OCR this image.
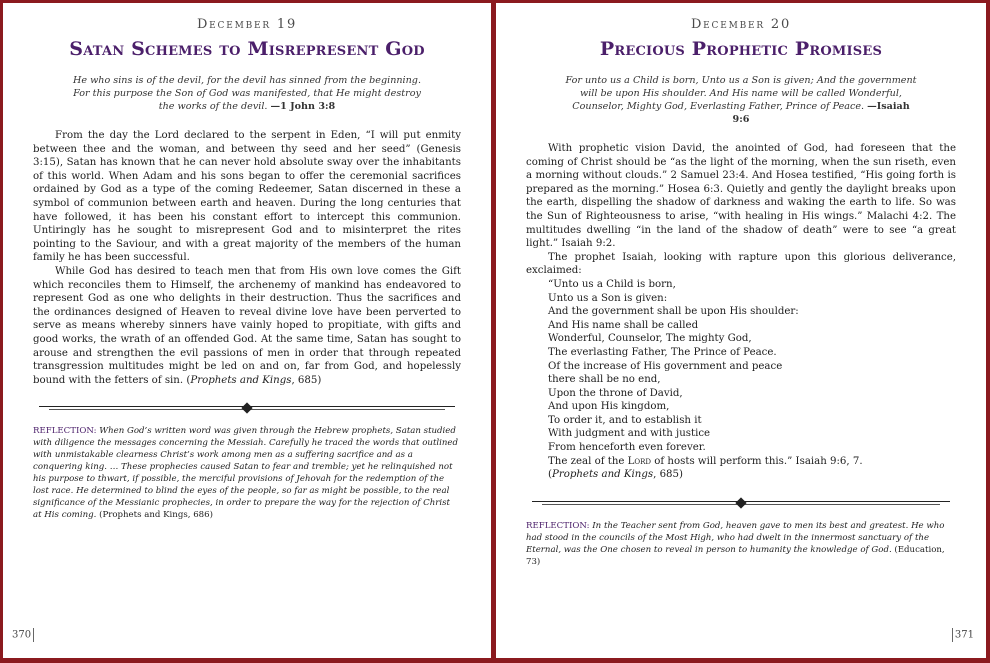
December 19
Satan Schemes to Misrepresent God
He who sins is of the devil, for the devil has sinned from the beginning. For this purpose the Son of God was manifested, that He might destroy the works of the devil. —1 John 3:8

From the day the Lord declared to the serpent in Eden, “I will put enmity between thee and the woman, and between thy seed and her seed” (Genesis 3:15), Satan has known that he can never hold absolute sway over the inhabitants of this world. When Adam and his sons began to offer the ceremonial sacrifices ordained by God as a type of the coming Redeemer, Satan discerned in these a symbol of communion between earth and heaven. During the long centuries that have followed, it has been his constant effort to intercept this communion. Untiringly has he sought to misrepresent God and to misinterpret the rites pointing to the Saviour, and with a great majority of the members of the human family he has been successful.

While God has desired to teach men that from His own love comes the Gift which reconciles them to Himself, the archenemy of mankind has endeavored to represent God as one who delights in their destruction. Thus the sacrifices and the ordinances designed of Heaven to reveal divine love have been perverted to serve as means whereby sinners have vainly hoped to propitiate, with gifts and good works, the wrath of an offended God. At the same time, Satan has sought to arouse and strengthen the evil passions of men in order that through repeated transgression multitudes might be led on and on, far from God, and hopelessly bound with the fetters of sin. (Prophets and Kings, 685)

REFLECTION: When God’s written word was given through the Hebrew prophets, Satan studied with diligence the messages concerning the Messiah. Carefully he traced the words that outlined with unmistakable clearness Christ’s work among men as a suffering sacrifice and as a conquering king. … These prophecies caused Satan to fear and tremble; yet he relinquished not his purpose to thwart, if possible, the merciful provisions of Jehovah for the redemption of the lost race. He determined to blind the eyes of the people, so far as might be possible, to the real significance of the Messianic prophecies, in order to prepare the way for the rejection of Christ at His coming. (Prophets and Kings, 686)
370
December 20
Precious Prophetic Promises
For unto us a Child is born, Unto us a Son is given; And the government will be upon His shoulder. And His name will be called Wonderful, Counselor, Mighty God, Everlasting Father, Prince of Peace. —Isaiah 9:6

With prophetic vision David, the anointed of God, had foreseen that the coming of Christ should be “as the light of the morning, when the sun riseth, even a morning without clouds.” 2 Samuel 23:4. And Hosea testified, “His going forth is prepared as the morning.” Hosea 6:3. Quietly and gently the daylight breaks upon the earth, dispelling the shadow of darkness and waking the earth to life. So was the Sun of Righteousness to arise, “with healing in His wings.” Malachi 4:2. The multitudes dwelling “in the land of the shadow of death” were to see “a great light.” Isaiah 9:2.

The prophet Isaiah, looking with rapture upon this glorious deliverance, exclaimed:

“Unto us a Child is born,
Unto us a Son is given:
And the government shall be upon His shoulder:
And His name shall be called
Wonderful, Counselor, The mighty God,
The everlasting Father, The Prince of Peace.
Of the increase of His government and peace
there shall be no end,
Upon the throne of David,
And upon His kingdom,
To order it, and to establish it
With judgment and with justice
From henceforth even forever.
The zeal of the Lord of hosts will perform this.” Isaiah 9:6, 7.
(Prophets and Kings, 685)
REFLECTION: In the Teacher sent from God, heaven gave to men its best and greatest. He who had stood in the councils of the Most High, who had dwelt in the innermost sanctuary of the Eternal, was the One chosen to reveal in person to humanity the knowledge of God. (Education, 73)
371
